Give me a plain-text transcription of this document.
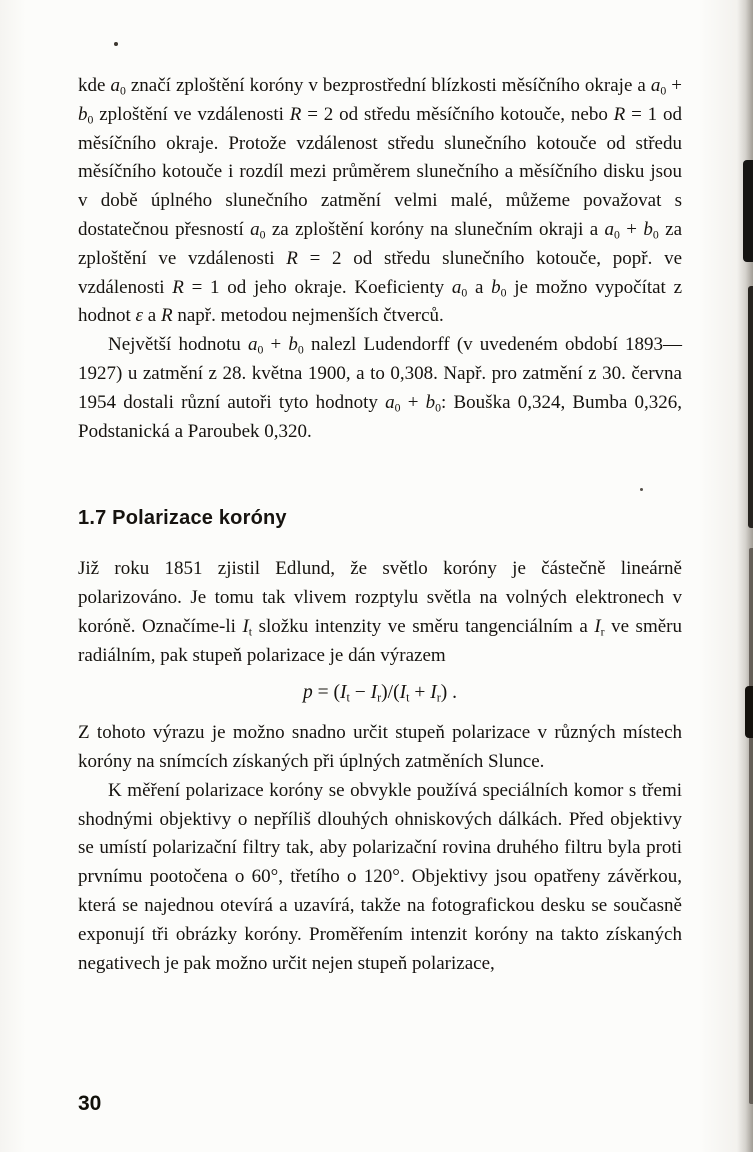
kde $a_0$ značí zploštění koróny v bezprostřední blízkosti měsíčního okraje a $a_0 + b_0$ zploštění ve vzdálenosti R = 2 od středu měsíčního kotouče, nebo R = 1 od měsíčního okraje. Protože vzdálenost středu slunečního kotouče od středu měsíčního kotouče i rozdíl mezi průměrem slunečního a měsíčního disku jsou v době úplného slunečního zatmění velmi malé, můžeme považovat s dostatečnou přesností $a_0$ za zploštění koróny na slunečním okraji a $a_0 + b_0$ za zploštění ve vzdálenosti R = 2 od středu slunečního kotouče, popř. ve vzdálenosti R = 1 od jeho okraje. Koeficienty $a_0$ a $b_0$ je možno vypočítat z hodnot ε a R např. metodou nejmenších čtverců.

Největší hodnotu $a_0 + b_0$ nalezl Ludendorff (v uvedeném období 1893—1927) u zatmění z 28. května 1900, a to 0,308. Např. pro zatmění z 30. června 1954 dostali různí autoři tyto hodnoty $a_0 + b_0$: Bouška 0,324, Bumba 0,326, Podstanická a Paroubek 0,320.

1.7 Polarizace koróny

Již roku 1851 zjistil Edlund, že světlo koróny je částečně lineárně polarizováno. Je tomu tak vlivem rozptylu světla na volných elektronech v koróně. Označíme-li $I_t$ složku intenzity ve směru tangenciálním a $I_r$ ve směru radiálním, pak stupeň polarizace je dán výrazem

$p = (I_t - I_r)/(I_t + I_r)$ .

Z tohoto výrazu je možno snadno určit stupeň polarizace v různých místech koróny na snímcích získaných při úplných zatměních Slunce.

K měření polarizace koróny se obvykle používá speciálních komor s třemi shodnými objektivy o nepříliš dlouhých ohniskových dálkách. Před objektivy se umístí polarizační filtry tak, aby polarizační rovina druhého filtru byla proti prvnímu pootočena o 60°, třetího o 120°. Objektivy jsou opatřeny závěrkou, která se najednou otevírá a uzavírá, takže na fotografickou desku se současně exponují tři obrázky koróny. Proměřením intenzit koróny na takto získaných negativech je pak možno určit nejen stupeň polarizace,

30
